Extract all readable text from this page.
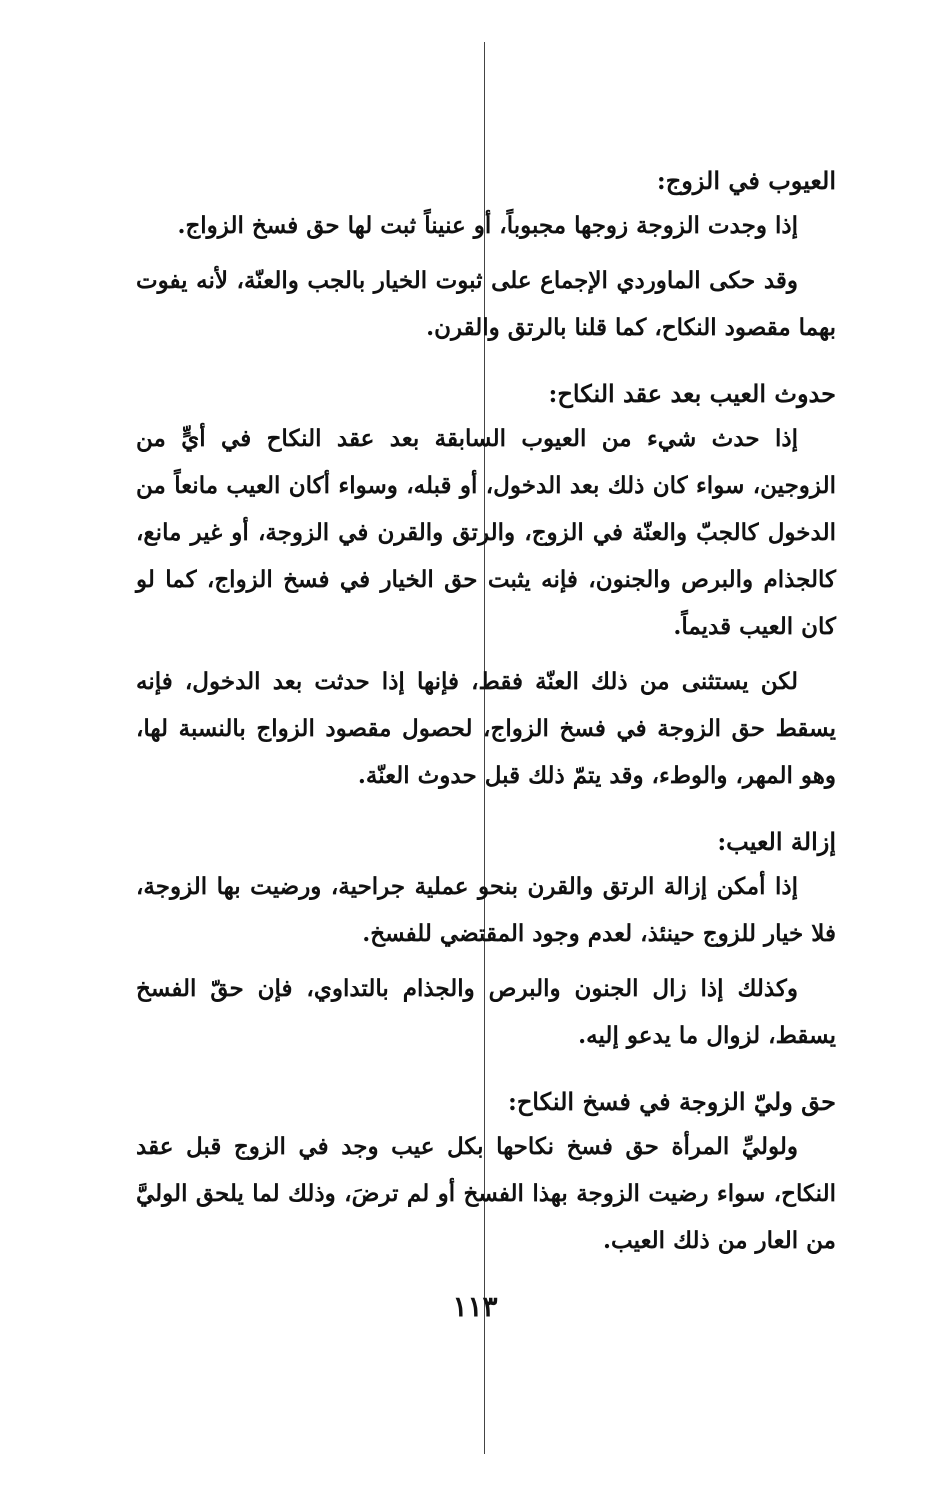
العيوب في الزوج:

إذا وجدت الزوجة زوجها مجبوباً، أو عنيناً ثبت لها حق فسخ الزواج.

وقد حكى الماوردي الإجماع على ثبوت الخيار بالجب والعنّة، لأنه يفوت بهما مقصود النكاح، كما قلنا بالرتق والقرن.

حدوث العيب بعد عقد النكاح:

إذا حدث شيء من العيوب السابقة بعد عقد النكاح في أيٍّ من الزوجين، سواء كان ذلك بعد الدخول، أو قبله، وسواء أكان العيب مانعاً من الدخول كالجبّ والعنّة في الزوج، والرتق والقرن في الزوجة، أو غير مانع، كالجذام والبرص والجنون، فإنه يثبت حق الخيار في فسخ الزواج، كما لو كان العيب قديماً.

لكن يستثنى من ذلك العنّة فقط، فإنها إذا حدثت بعد الدخول، فإنه يسقط حق الزوجة في فسخ الزواج، لحصول مقصود الزواج بالنسبة لها، وهو المهر، والوطء، وقد يتمّ ذلك قبل حدوث العنّة.

إزالة العيب:

إذا أمكن إزالة الرتق والقرن بنحو عملية جراحية، ورضيت بها الزوجة، فلا خيار للزوج حينئذ، لعدم وجود المقتضي للفسخ.

وكذلك إذا زال الجنون والبرص والجذام بالتداوي، فإن حقّ الفسخ يسقط، لزوال ما يدعو إليه.

حق وليّ الزوجة في فسخ النكاح:

ولوليِّ المرأة حق فسخ نكاحها بكل عيب وجد في الزوج قبل عقد النكاح، سواء رضيت الزوجة بهذا الفسخ أو لم ترضَ، وذلك لما يلحق الوليَّ من العار من ذلك العيب.

١١٣
